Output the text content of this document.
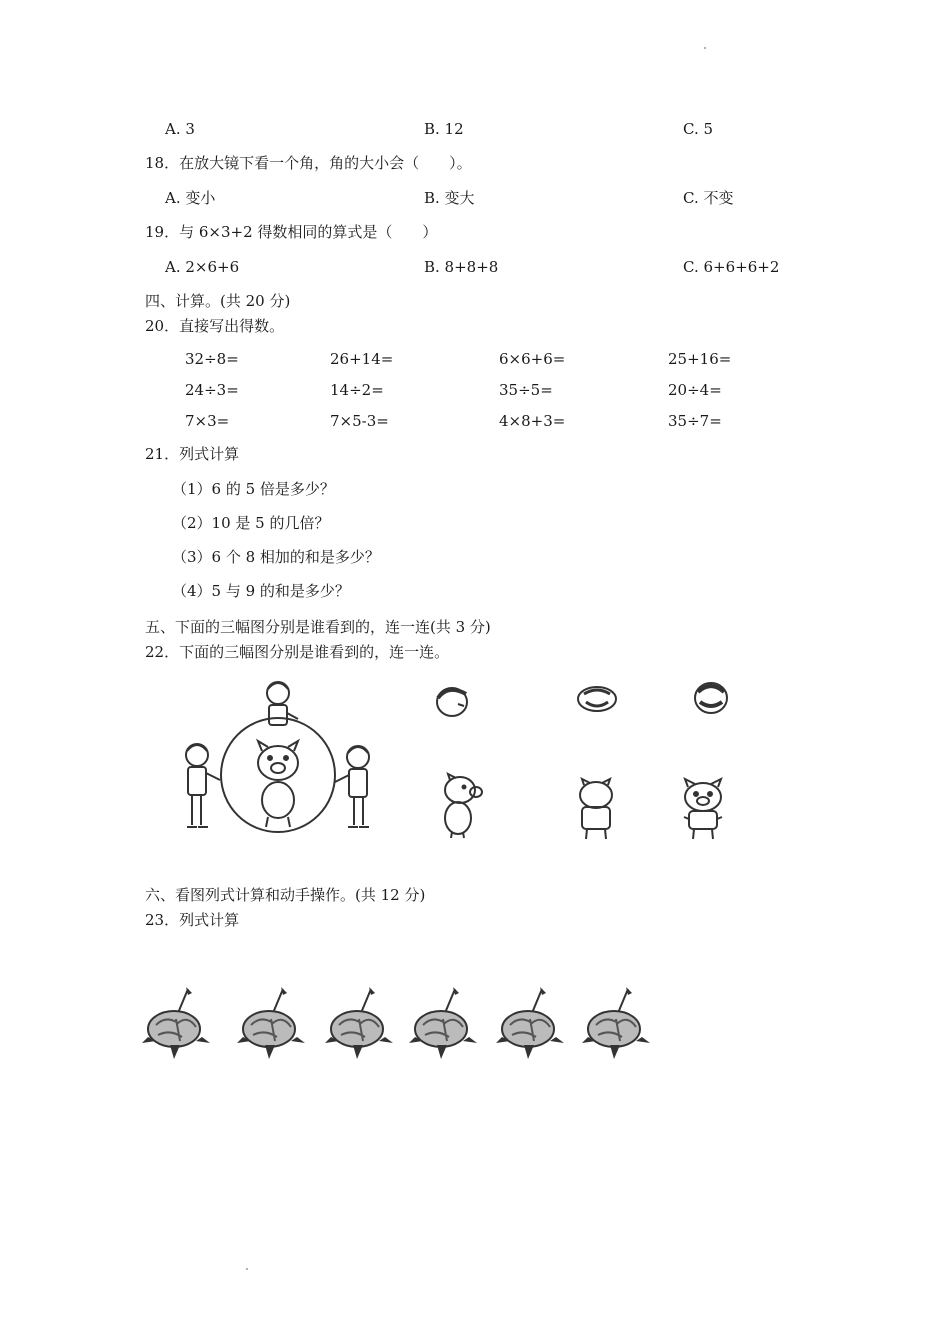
A. 3	B. 12	C. 5
18．在放大镜下看一个角，角的大小会（　　）。
A. 变小	B. 变大	C. 不变
19．与 6×3+2 得数相同的算式是（　　）
A. 2×6+6	B. 8+8+8	C. 6+6+6+2
四、计算。(共 20 分)
20．直接写出得数。
32÷8=	26+14=	6×6+6=	25+16=
24÷3=	14÷2=	35÷5=	20÷4=
7×3=	7×5-3=	4×8+3=	35÷7=
21．列式计算
（1）6 的 5 倍是多少？
（2）10 是 5 的几倍？
（3）6 个 8 相加的和是多少？
（4）5 与 9 的和是多少？
五、下面的三幅图分别是谁看到的，连一连(共 3 分)
22．下面的三幅图分别是谁看到的，连一连。
六、看图列式计算和动手操作。(共 12 分)
23．列式计算
